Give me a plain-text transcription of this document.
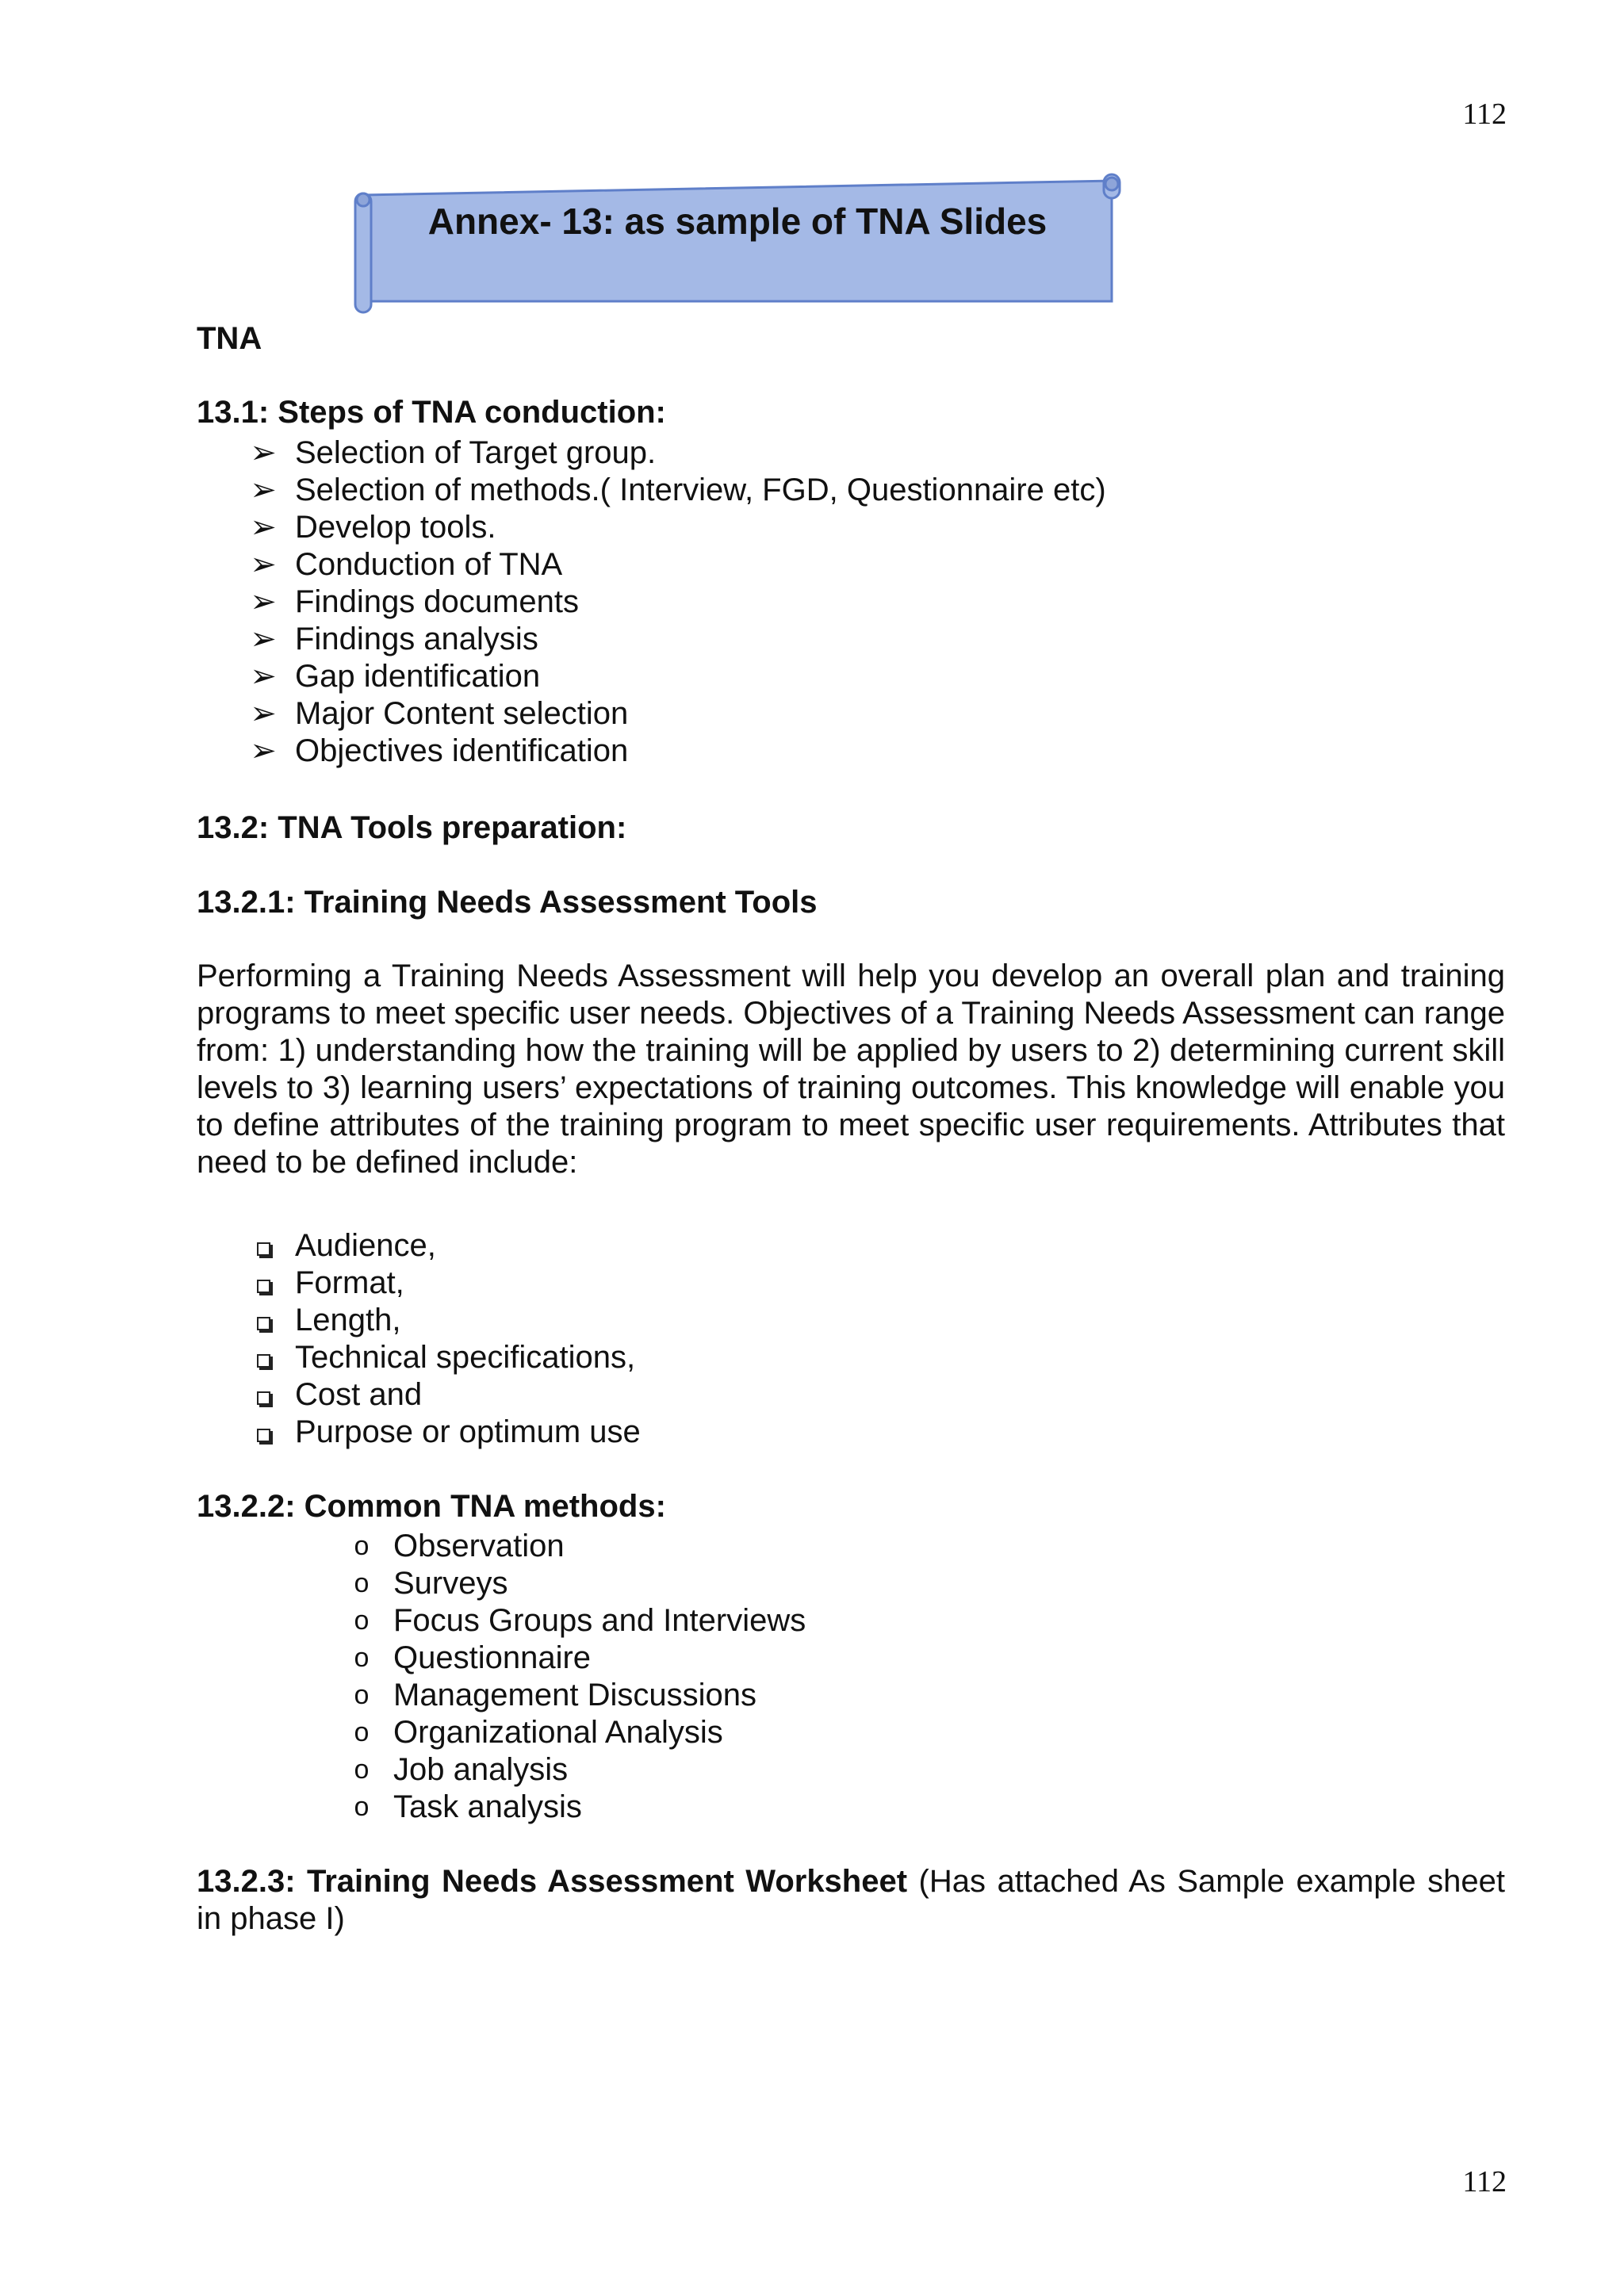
112
Annex- 13: as sample of TNA Slides
TNA
13.1: Steps of TNA conduction:
➢ Selection of Target group.
➢ Selection of methods.( Interview, FGD, Questionnaire etc)
➢ Develop tools.
➢ Conduction of TNA
➢ Findings documents
➢ Findings analysis
➢ Gap identification
➢ Major Content selection
➢ Objectives identification
13.2: TNA Tools preparation:
13.2.1: Training Needs Assessment Tools

Performing a Training Needs Assessment will help you develop an overall plan and training programs to meet specific user needs. Objectives of a Training Needs Assessment can range from: 1) understanding how the training will be applied by users to 2) determining current skill levels to 3) learning users’ expectations of training outcomes. This knowledge will enable you to define attributes of the training program to meet specific user requirements. Attributes that need to be defined include:

Audience,
Format,
Length,
Technical specifications,
Cost and
Purpose or optimum use
13.2.2: Common TNA methods:
o Observation
o Surveys
o Focus Groups and Interviews
o Questionnaire
o Management Discussions
o Organizational Analysis
o Job analysis
o Task analysis

13.2.3: Training Needs Assessment Worksheet (Has attached As Sample example sheet in phase I)

112
